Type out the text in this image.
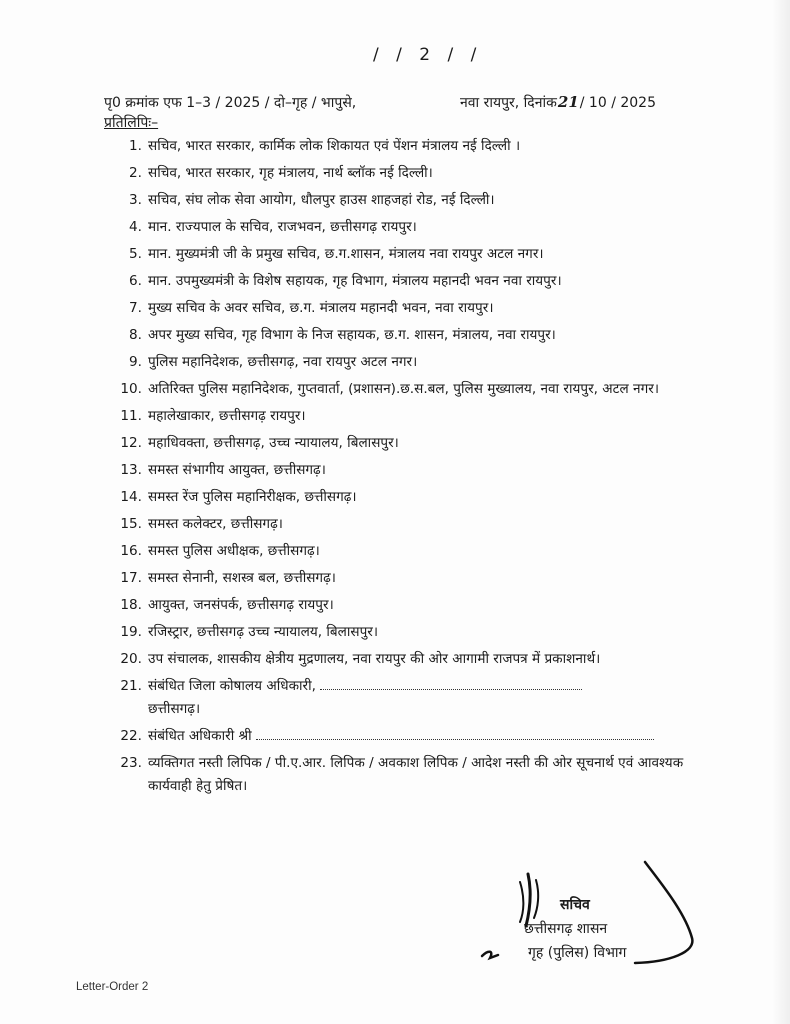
/ / 2 / /
पृ0 क्रमांक एफ 1–3 / 2025 / दो–गृह / भापुसे,	नवा रायपुर, दिनांक21/ 10 / 2025
प्रतिलिपिः–
1. सचिव, भारत सरकार, कार्मिक लोक शिकायत एवं पेंशन मंत्रालय नई दिल्ली ।
2. सचिव, भारत सरकार, गृह मंत्रालय, नार्थ ब्लॉक नई दिल्ली।
3. सचिव, संघ लोक सेवा आयोग, धौलपुर हाउस शाहजहां रोड, नई दिल्ली।
4. मान. राज्यपाल के सचिव, राजभवन, छत्तीसगढ़ रायपुर।
5. मान. मुख्यमंत्री जी के प्रमुख सचिव, छ.ग.शासन, मंत्रालय नवा रायपुर अटल नगर।
6. मान. उपमुख्यमंत्री के विशेष सहायक, गृह विभाग, मंत्रालय महानदी भवन नवा रायपुर।
7. मुख्य सचिव के अवर सचिव, छ.ग. मंत्रालय महानदी भवन, नवा रायपुर।
8. अपर मुख्य सचिव, गृह विभाग के निज सहायक, छ.ग. शासन, मंत्रालय, नवा रायपुर।
9. पुलिस महानिदेशक, छत्तीसगढ़, नवा रायपुर अटल नगर।
10. अतिरिक्त पुलिस महानिदेशक, गुप्तवार्ता, (प्रशासन).छ.स.बल, पुलिस मुख्यालय, नवा रायपुर, अटल नगर।
11. महालेखाकार, छत्तीसगढ़ रायपुर।
12. महाधिवक्ता, छत्तीसगढ़, उच्च न्यायालय, बिलासपुर।
13. समस्त संभागीय आयुक्त, छत्तीसगढ़।
14. समस्त रेंज पुलिस महानिरीक्षक, छत्तीसगढ़।
15. समस्त कलेक्टर, छत्तीसगढ़।
16. समस्त पुलिस अधीक्षक, छत्तीसगढ़।
17. समस्त सेनानी, सशस्त्र बल, छत्तीसगढ़।
18. आयुक्त, जनसंपर्क, छत्तीसगढ़ रायपुर।
19. रजिस्ट्रार, छत्तीसगढ़ उच्च न्यायालय, बिलासपुर।
20. उप संचालक, शासकीय क्षेत्रीय मुद्रणालय, नवा रायपुर की ओर आगामी राजपत्र में प्रकाशनार्थ।
21. संबंधित जिला कोषालय अधिकारी,
छत्तीसगढ़।
22. संबंधित अधिकारी श्री
23. व्यक्तिगत नस्ती लिपिक / पी.ए.आर. लिपिक / अवकाश लिपिक / आदेश नस्ती की ओर सूचनार्थ एवं आवश्यक कार्यवाही हेतु प्रेषित।
सचिव
छत्तीसगढ़ शासन
गृह (पुलिस) विभाग
Letter-Order 2
